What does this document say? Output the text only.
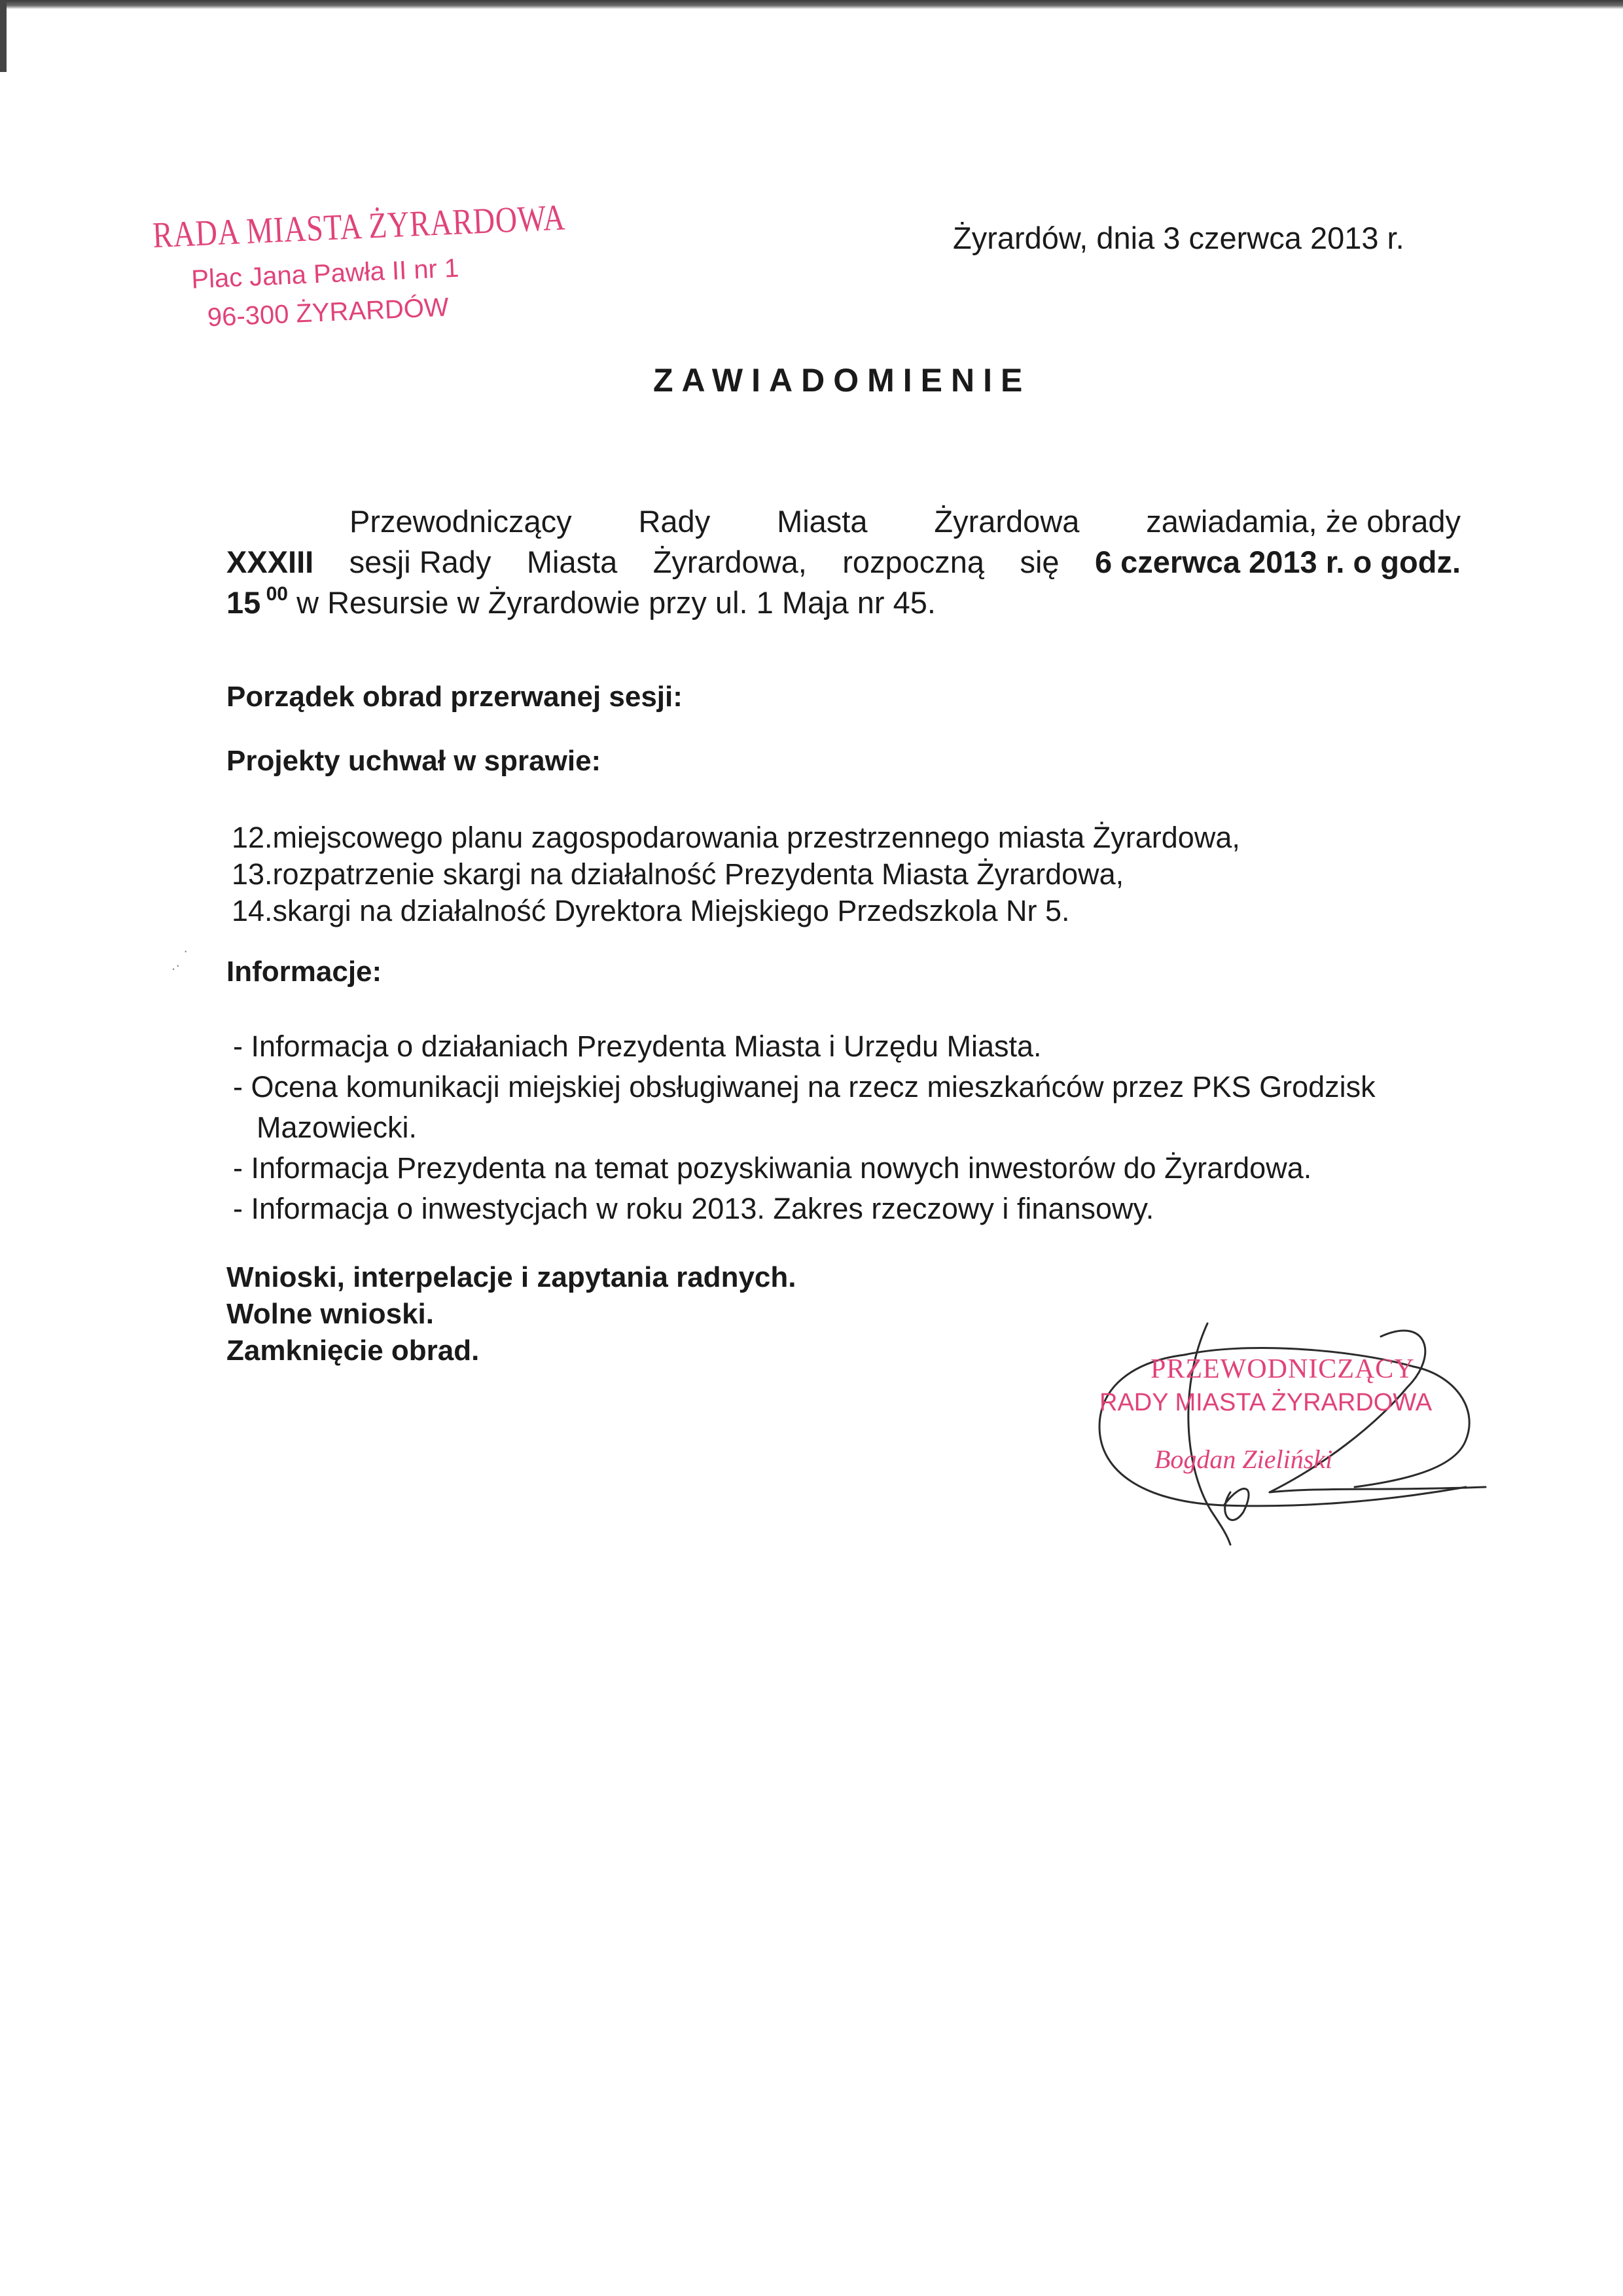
RADA MIASTA ŻYRARDOWA
Plac Jana Pawła II nr 1
96-300 ŻYRARDÓW
Żyrardów, dnia 3 czerwca 2013 r.
ZAWIADOMIENIE
Przewodniczący Rady Miasta Żyrardowa zawiadamia, że obrady
XXXIII sesji Rady Miasta Żyrardowa, rozpoczną się 6 czerwca 2013 r. o godz.
15 $^{00}$ w Resursie w Żyrardowie przy ul. 1 Maja nr 45.
Porządek obrad przerwanej sesji:
Projekty uchwał w sprawie:
12.miejscowego planu zagospodarowania przestrzennego miasta Żyrardowa,
13.rozpatrzenie skargi na działalność Prezydenta Miasta Żyrardowa,
14.skargi na działalność Dyrektora Miejskiego Przedszkola Nr 5.
Informacje:
- Informacja o działaniach Prezydenta Miasta i Urzędu Miasta.
- Ocena komunikacji miejskiej obsługiwanej na rzecz mieszkańców przez PKS Grodzisk
Mazowiecki.
- Informacja Prezydenta na temat pozyskiwania nowych inwestorów do Żyrardowa.
- Informacja o inwestycjach w roku 2013. Zakres rzeczowy i finansowy.
Wnioski, interpelacje i zapytania radnych.
Wolne wnioski.
Zamknięcie obrad.
.·
·
PRZEWODNICZĄCY
RADY MIASTA ŻYRARDOWA
Bogdan Zieliński
